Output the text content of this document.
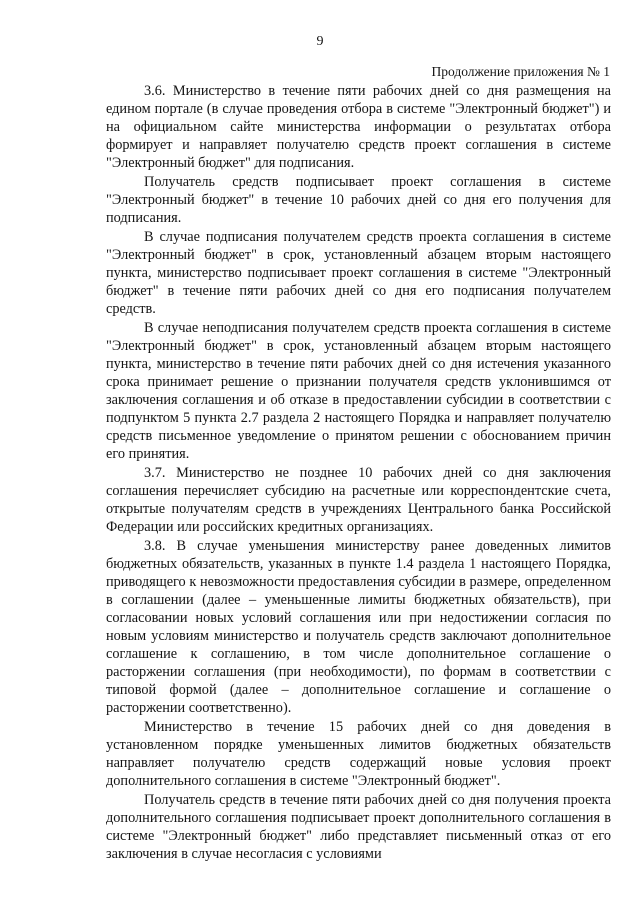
9
Продолжение приложения № 1

3.6. Министерство в течение пяти рабочих дней со дня размещения на едином портале (в случае проведения отбора в системе "Электронный бюджет") и на официальном сайте министерства информации о результатах отбора формирует и направляет получателю средств проект соглашения в системе "Электронный бюджет" для подписания.

Получатель средств подписывает проект соглашения в системе "Электронный бюджет" в течение 10 рабочих дней со дня его получения для подписания.

В случае подписания получателем средств проекта соглашения в системе "Электронный бюджет" в срок, установленный абзацем вторым настоящего пункта, министерство подписывает проект соглашения в системе "Электронный бюджет" в течение пяти рабочих дней со дня его подписания получателем средств.

В случае неподписания получателем средств проекта соглашения в системе "Электронный бюджет" в срок, установленный абзацем вторым настоящего пункта, министерство в течение пяти рабочих дней со дня истечения указанного срока принимает решение о признании получателя средств уклонившимся от заключения соглашения и об отказе в предоставлении субсидии в соответствии с подпунктом 5 пункта 2.7 раздела 2 настоящего Порядка и направляет получателю средств письменное уведомление о принятом решении с обоснованием причин его принятия.

3.7. Министерство не позднее 10 рабочих дней со дня заключения соглашения перечисляет субсидию на расчетные или корреспондентские счета, открытые получателям средств в учреждениях Центрального банка Российской Федерации или российских кредитных организациях.

3.8. В случае уменьшения министерству ранее доведенных лимитов бюджетных обязательств, указанных в пункте 1.4 раздела 1 настоящего Порядка, приводящего к невозможности предоставления субсидии в размере, определенном в соглашении (далее – уменьшенные лимиты бюджетных обязательств), при согласовании новых условий соглашения или при недостижении согласия по новым условиям министерство и получатель средств заключают дополнительное соглашение к соглашению, в том числе дополнительное соглашение о расторжении соглашения (при необходимости), по формам в соответствии с типовой формой (далее – дополнительное соглашение и соглашение о расторжении соответственно).

Министерство в течение 15 рабочих дней со дня доведения в установленном порядке уменьшенных лимитов бюджетных обязательств направляет получателю средств содержащий новые условия проект дополнительного соглашения в системе "Электронный бюджет".

Получатель средств в течение пяти рабочих дней со дня получения проекта дополнительного соглашения подписывает проект дополнительного соглашения в системе "Электронный бюджет" либо представляет письменный отказ от его заключения в случае несогласия с условиями
